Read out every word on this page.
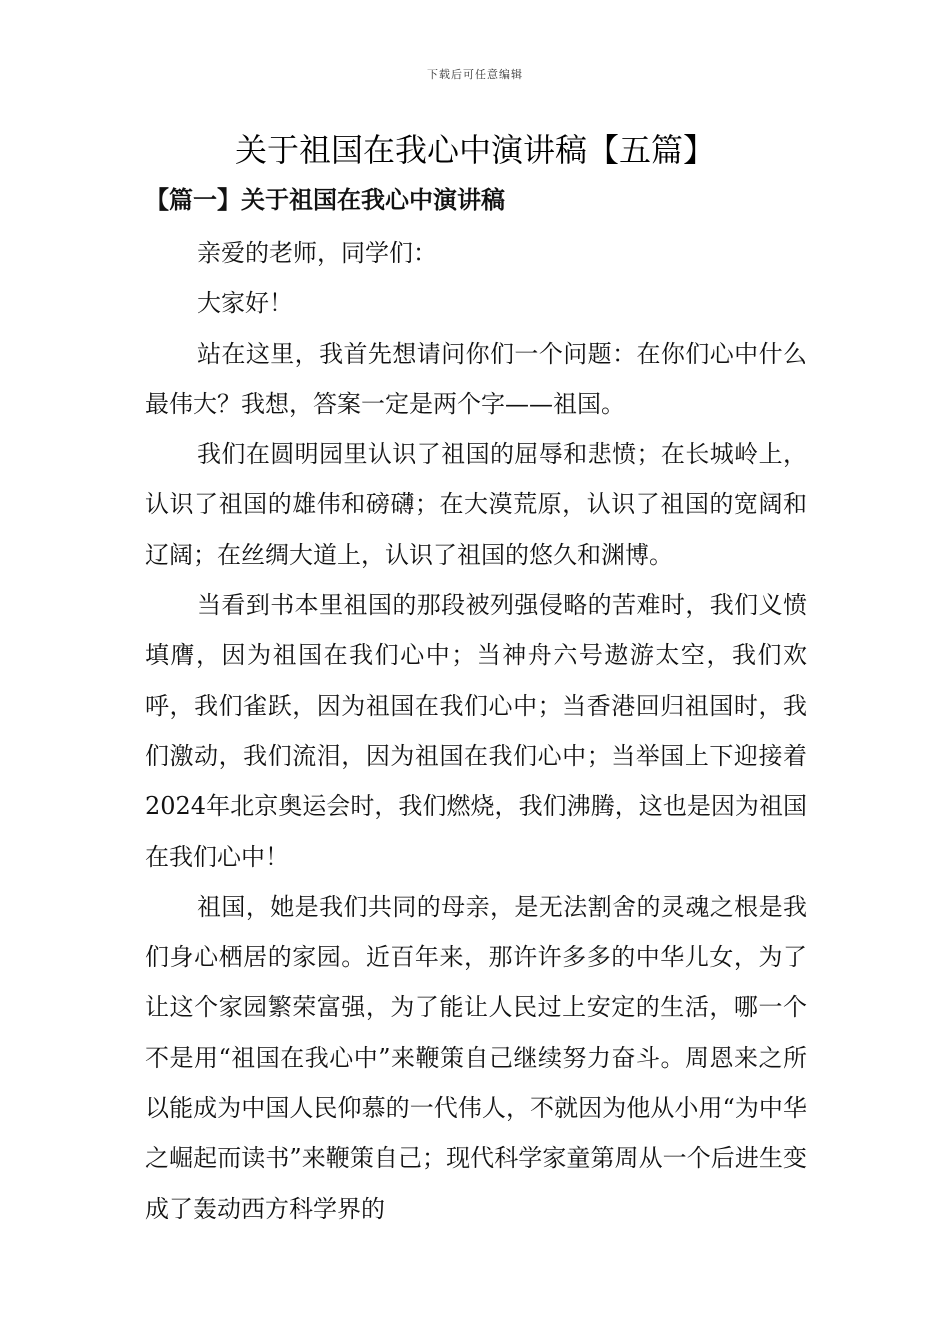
下载后可任意编辑
关于祖国在我心中演讲稿【五篇】
【篇一】关于祖国在我心中演讲稿

亲爱的老师，同学们：

大家好！

站在这里，我首先想请问你们一个问题：在你们心中什么最伟大？我想，答案一定是两个字——祖国。

我们在圆明园里认识了祖国的屈辱和悲愤；在长城岭上，认识了祖国的雄伟和磅礴；在大漠荒原，认识了祖国的宽阔和辽阔；在丝绸大道上，认识了祖国的悠久和渊博。

当看到书本里祖国的那段被列强侵略的苦难时，我们义愤填膺，因为祖国在我们心中；当神舟六号遨游太空，我们欢呼，我们雀跃，因为祖国在我们心中；当香港回归祖国时，我们激动，我们流泪，因为祖国在我们心中；当举国上下迎接着2024年北京奥运会时，我们燃烧，我们沸腾，这也是因为祖国在我们心中！

祖国，她是我们共同的母亲，是无法割舍的灵魂之根是我们身心栖居的家园。近百年来，那许许多多的中华儿女，为了让这个家园繁荣富强，为了能让人民过上安定的生活，哪一个不是用“祖国在我心中”来鞭策自己继续努力奋斗。周恩来之所以能成为中国人民仰慕的一代伟人，不就因为他从小用“为中华之崛起而读书”来鞭策自己；现代科学家童第周从一个后进生变成了轰动西方科学界的
